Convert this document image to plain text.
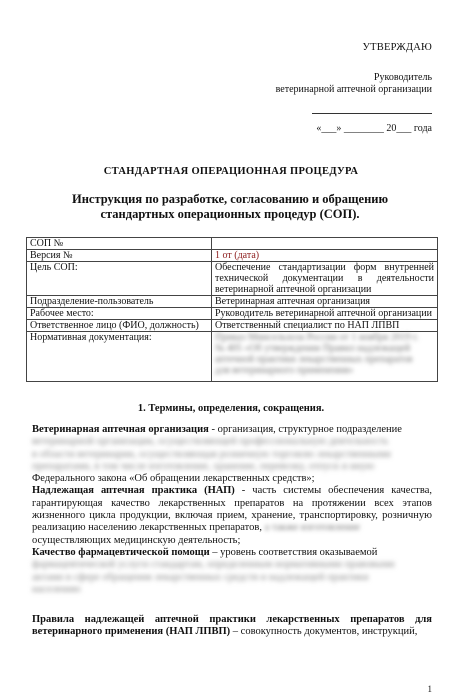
УТВЕРЖДАЮ
Руководитель
ветеринарной аптечной организации
«___» ________ 20___ года
СТАНДАРТНАЯ ОПЕРАЦИОННАЯ ПРОЦЕДУРА
Инструкция по разработке, согласованию и обращению стандартных операционных процедур (СОП).
СОП №	
Версия №	1 от (дата)
Цель СОП:	Обеспечение стандартизации форм внутренней технической документации в деятельности ветеринарной аптечной организации
Подразделение-пользователь	Ветеринарная аптечная организация
Рабочее место:	Руководитель ветеринарной аптечной организации
Ответственное лицо (ФИО, должность)	Ответственный специалист по НАП ЛПВП
Нормативная документация:	Приказ Минсельхоза России от 1 ноября 2019 г.
№ 405 «Об утверждении Правил надлежащей
аптечной практики лекарственных препаратов
для ветеринарного применения»
1. Термины, определения, сокращения.
Ветеринарная аптечная организация - организация, структурное подразделение
ветеринарной организации, осуществляющей профессиональную деятельность
в области ветеринарии, осуществляющая розничную торговлю лекарственными
препаратами, в том числе изготовление, хранение, перевозку, отпуск и иную
Федерального закона «Об обращении лекарственных средств»;
Надлежащая аптечная практика (НАП) - часть системы обеспечения качества, гарантирующая качество лекарственных препаратов на протяжении всех этапов жизненного цикла продукции, включая прием, хранение, транспортировку, розничную реализацию населению лекарственных препаратов, а также изготовление
осуществляющих медицинскую деятельность;
Качество фармацевтической помощи – уровень соответствия оказываемой
фармацевтической услуги стандартам, определенным нормативными правовыми
актами в сфере обращения лекарственных средств и надлежащей практики
населению
Правила надлежащей аптечной практики лекарственных препаратов для ветеринарного применения (НАП ЛПВП) – совокупность документов, инструкций,
1
